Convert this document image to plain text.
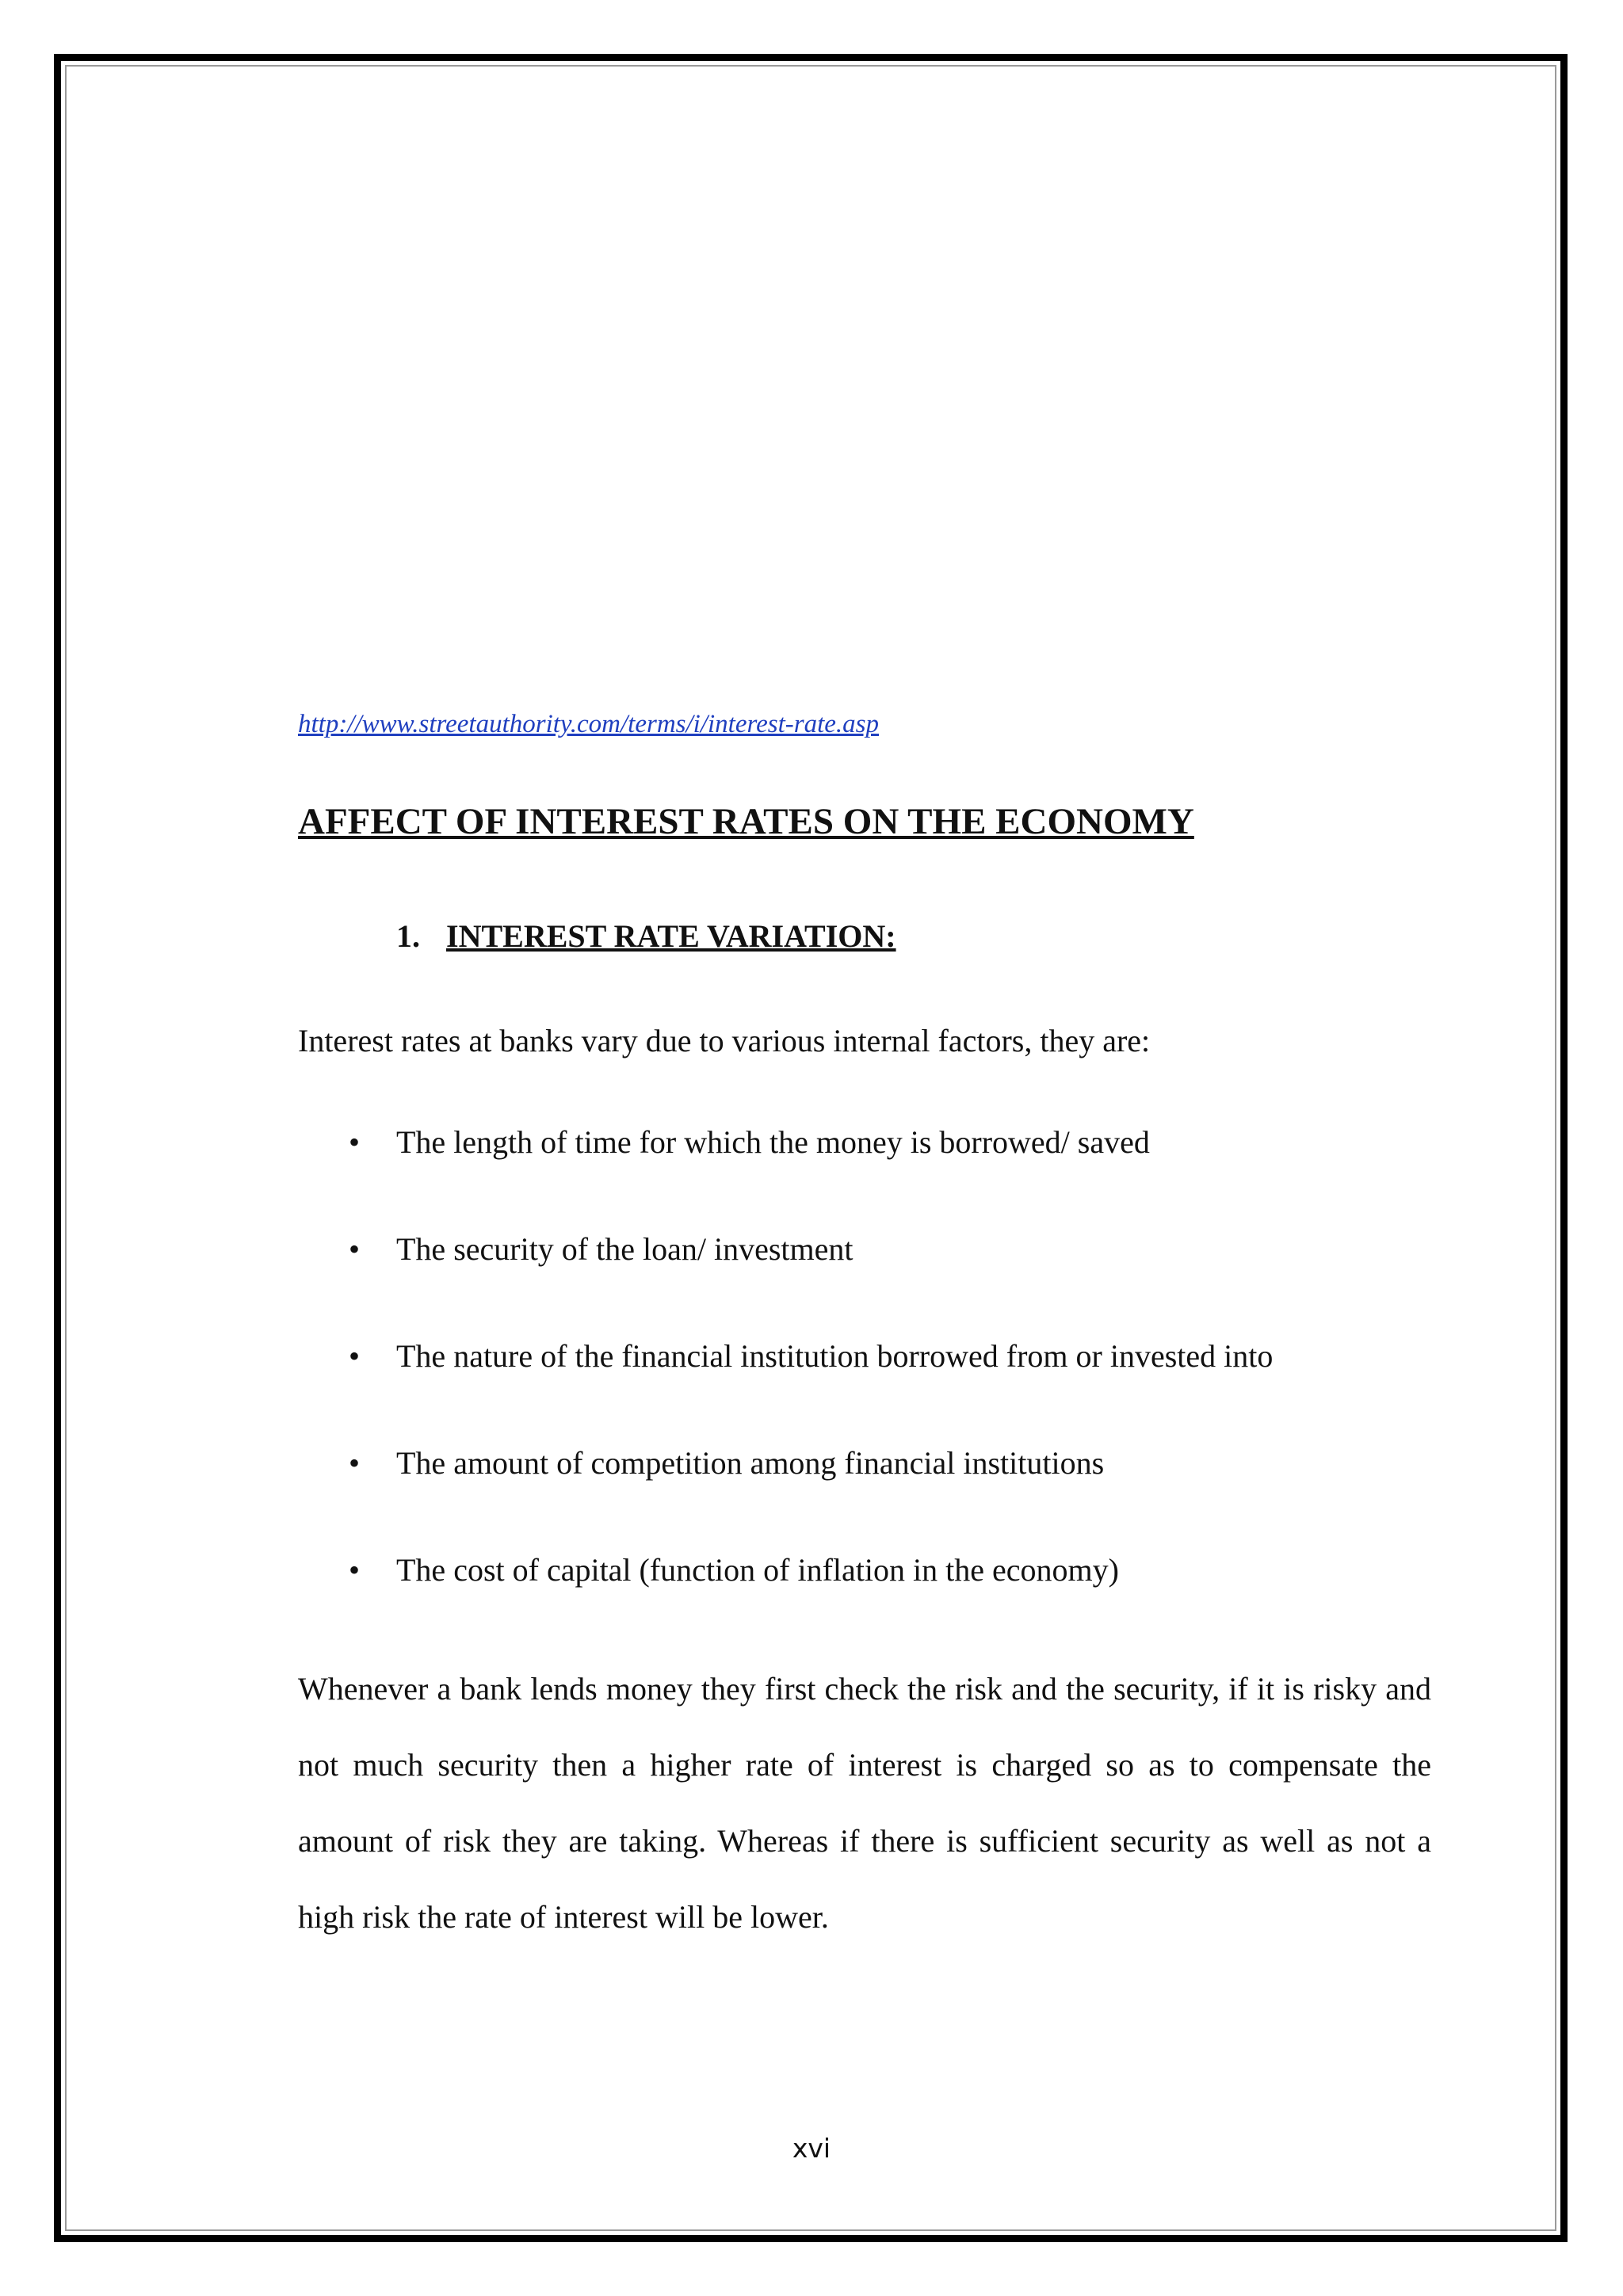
http://www.streetauthority.com/terms/i/interest-rate.asp
AFFECT OF INTEREST RATES ON THE ECONOMY
1. INTEREST RATE VARIATION:

Interest rates at banks vary due to various internal factors, they are:

• The length of time for which the money is borrowed/ saved
• The security of the loan/ investment
• The nature of the financial institution borrowed from or invested into
• The amount of competition among financial institutions
• The cost of capital (function of inflation in the economy)

Whenever a bank lends money they first check the risk and the security, if it is risky and not much security then a higher rate of interest is charged so as to compensate the amount of risk they are taking. Whereas if there is sufficient security as well as not a high risk the rate of interest will be lower.

xvi
